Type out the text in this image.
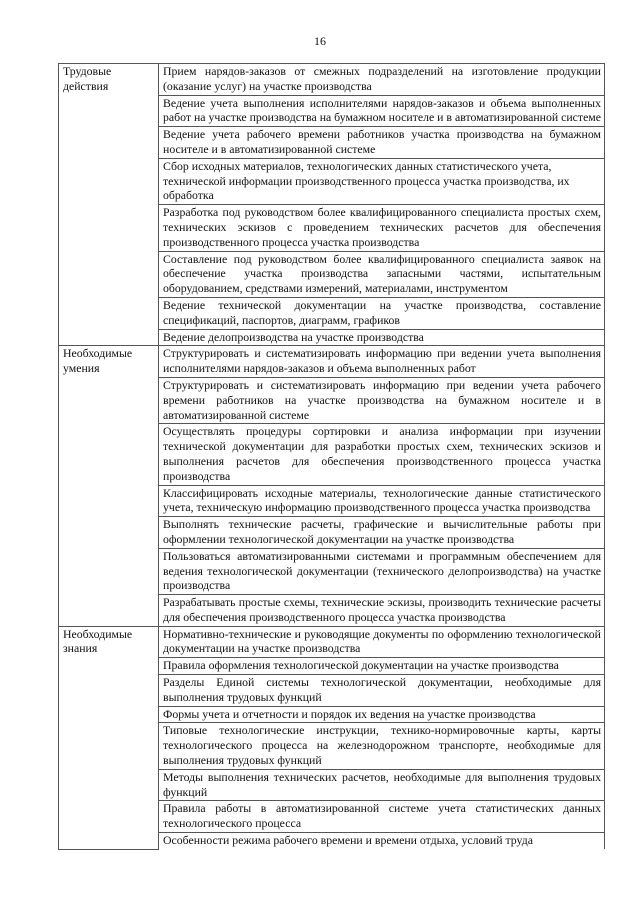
16
Трудовые действия	Прием нарядов-заказов от смежных подразделений на изготовление продукции (оказание услуг) на участке производства
	Ведение учета выполнения исполнителями нарядов-заказов и объема выполненных работ на участке производства на бумажном носителе и в автоматизированной системе
	Ведение учета рабочего времени работников участка производства на бумажном носителе и в автоматизированной системе
	Сбор исходных материалов, технологических данных статистического учета, технической информации производственного процесса участка производства, их обработка
	Разработка под руководством более квалифицированного специалиста простых схем, технических эскизов с проведением технических расчетов для обеспечения производственного процесса участка производства
	Составление под руководством более квалифицированного специалиста заявок на обеспечение участка производства запасными частями, испытательным оборудованием, средствами измерений, материалами, инструментом
	Ведение технической документации на участке производства, составление спецификаций, паспортов, диаграмм, графиков
	Ведение делопроизводства на участке производства
Необходимые умения	Структурировать и систематизировать информацию при ведении учета выполнения исполнителями нарядов-заказов и объема выполненных работ
	Структурировать и систематизировать информацию при ведении учета рабочего времени работников на участке производства на бумажном носителе и в автоматизированной системе
	Осуществлять процедуры сортировки и анализа информации при изучении технической документации для разработки простых схем, технических эскизов и выполнения расчетов для обеспечения производственного процесса участка производства
	Классифицировать исходные материалы, технологические данные статистического учета, техническую информацию производственного процесса участка производства
	Выполнять технические расчеты, графические и вычислительные работы при оформлении технологической документации на участке производства
	Пользоваться автоматизированными системами и программным обеспечением для ведения технологической документации (технического делопроизводства) на участке производства
	Разрабатывать простые схемы, технические эскизы, производить технические расчеты для обеспечения производственного процесса участка производства
Необходимые знания	Нормативно-технические и руководящие документы по оформлению технологической документации на участке производства
	Правила оформления технологической документации на участке производства
	Разделы Единой системы технологической документации, необходимые для выполнения трудовых функций
	Формы учета и отчетности и порядок их ведения на участке производства
	Типовые технологические инструкции, технико-нормировочные карты, карты технологического процесса на железнодорожном транспорте, необходимые для выполнения трудовых функций
	Методы выполнения технических расчетов, необходимые для выполнения трудовых функций
	Правила работы в автоматизированной системе учета статистических данных технологического процесса

	Особенности режима рабочего времени и времени отдыха, условий труда
